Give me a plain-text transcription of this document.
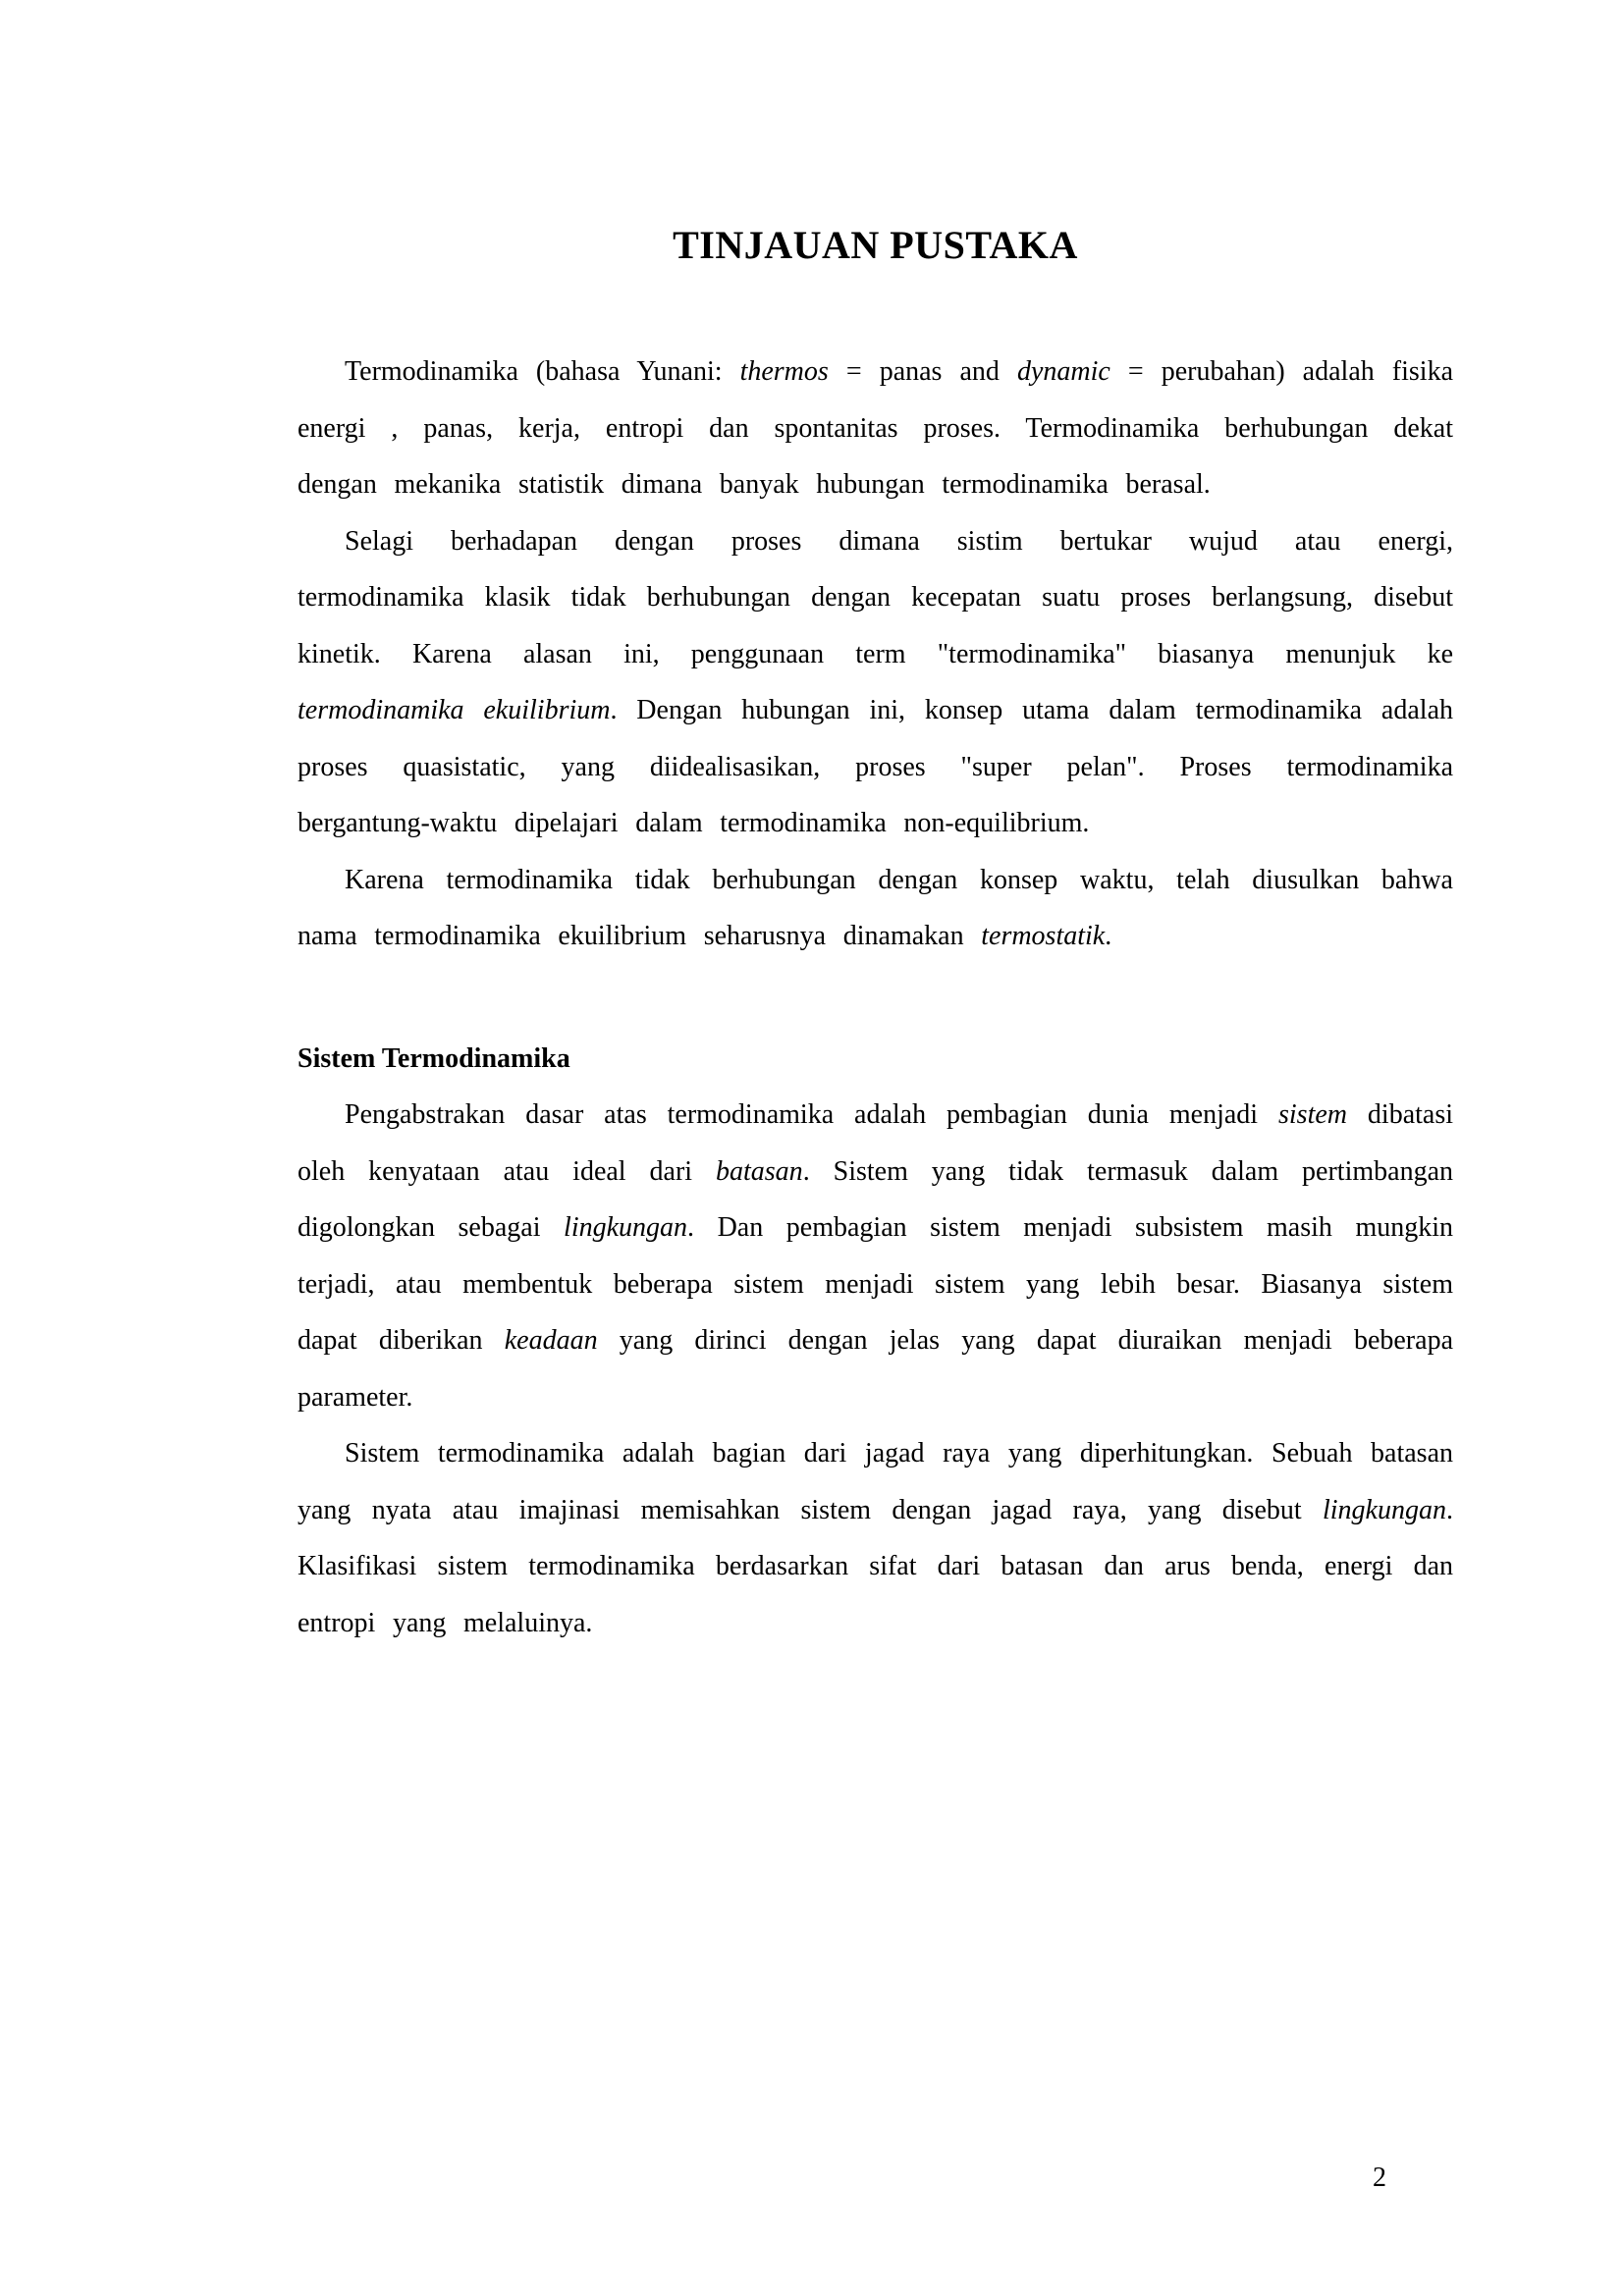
TINJAUAN PUSTAKA

Termodinamika (bahasa Yunani: thermos = panas and dynamic = perubahan) adalah fisika energi , panas, kerja, entropi dan spontanitas proses. Termodinamika berhubungan dekat dengan mekanika statistik dimana banyak hubungan termodinamika berasal.

Selagi berhadapan dengan proses dimana sistim bertukar wujud atau energi, termodinamika klasik tidak berhubungan dengan kecepatan suatu proses berlangsung, disebut kinetik. Karena alasan ini, penggunaan term "termodinamika" biasanya menunjuk ke termodinamika ekuilibrium. Dengan hubungan ini, konsep utama dalam termodinamika adalah proses quasistatic, yang diidealisasikan, proses "super pelan". Proses termodinamika bergantung-waktu dipelajari dalam termodinamika non-equilibrium.

Karena termodinamika tidak berhubungan dengan konsep waktu, telah diusulkan bahwa nama termodinamika ekuilibrium seharusnya dinamakan termostatik.

Sistem Termodinamika

Pengabstrakan dasar atas termodinamika adalah pembagian dunia menjadi sistem dibatasi oleh kenyataan atau ideal dari batasan. Sistem yang tidak termasuk dalam pertimbangan digolongkan sebagai lingkungan. Dan pembagian sistem menjadi subsistem masih mungkin terjadi, atau membentuk beberapa sistem menjadi sistem yang lebih besar. Biasanya sistem dapat diberikan keadaan yang dirinci dengan jelas yang dapat diuraikan menjadi beberapa parameter.

Sistem termodinamika adalah bagian dari jagad raya yang diperhitungkan. Sebuah batasan yang nyata atau imajinasi memisahkan sistem dengan jagad raya, yang disebut lingkungan. Klasifikasi sistem termodinamika berdasarkan sifat dari batasan dan arus benda, energi dan entropi yang melaluinya.

2
